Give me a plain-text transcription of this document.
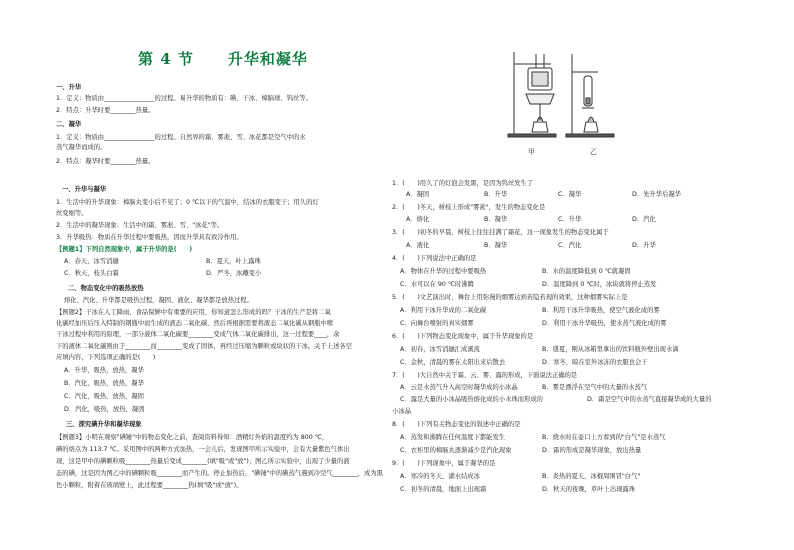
第 4 节 升华和凝华
一、升华
1．定义：物质由________________的过程。易升华的物质有：碘、干冰、樟脑球、钨丝等。
2．特点：升华时要________热量。
二、凝华
1．定义：物质由________________的过程。自然界的霜、雾凇、雪、冰花都是空气中的水
蒸气凝华而成的。
2．特点：凝华时要________热量。
一、升华与凝华
1．生活中的升华现象：樟脑丸变小后不见了；0 ℃以下的气温中，结冰的衣服变干；用久的灯
丝变细等。
2．生活中的凝华现象：生活中的霜、雾凇、雪、"冰花"等。
3．升华吸热：物质在升华过程中要吸热，因而升华具有致冷作用。
【例题1】下列自然现象中，属于升华的是(　　)
A．春天，冰雪消融	B．夏天，叶上露珠
C．秋天，枝头白霜	D．严冬，冰雕变小
二、物态变化中的吸热放热
熔化、汽化、升华都是吸热过程，凝固、液化、凝华都是放热过程。
【例题2】干冰在人工降雨、食品保鲜中有重要的应用，你知道怎么形成的吗？干冰的生产是将二氧
化碳经加压后压入特制的钢瓶中而生成的液态二氧化碳，然后再根据需要将液态二氧化碳从钢瓶中喷
干冰过程中利用的原理，一部分液体二氧化碳要________变成气体二氧化碳排出，这一过程要____，余
下的液体二氧化碳则由于________而________变成了固体，再经过压缩为颗粒或块状的干冰。关于上述各空
应填内容，下列选项正确的是(　　)
A．升华，吸热，放热，凝华
B．汽化，吸热，放热，凝华
C．汽化，吸热，放热，凝固
D．汽化，吸热，放热，凝固
三、探究碘升华和凝华现象
【例题3】小明在观察"碘锤"中的物态变化之前，查阅资料得知：酒精灯外焰的温度约为 800 ℃，
碘的熔点为 113.7 ℃。采用图中的两种方式加热，一会儿后，发现图甲所示实验中，会有大量紫色气体出
现，这是甲中的碘颗粒吸________热量后变成________(填"吸"或"放")；图乙所示实验中，出现了少量的液
态的碘，这是因为图乙中的碘颗粒吸________而产生的。停止加热后，"碘锤"中的碘蒸气遇到冷空气________，成为黑
色小颗粒，附着在玻璃壁上，此过程要________热(填"吸"或"放")。
甲	乙
1．(　　)用久了的灯泡会发黑，是因为钨丝发生了
A．凝固	B．升华	C．凝华	D．先升华后凝华
2．(　　)冬天，树枝上形成"雾凇"，发生的物态变化是
A．熔化	B．凝华	C．升华	D．汽化
3．(　　)初冬的早晨，树枝上往往挂满了霜花，这一现象发生的物态变化属于
A．液化	B．凝华	C．汽化	D．升华
4．(　　)下列说法中正确的是
A．物体在升华的过程中要吸热	B．水的温度降低到 0 ℃就凝固
C．水可以在 90 ℃时沸腾	D．温度降到 0 ℃时，冰块就将停止蒸发
5．(　　)文艺演出时，舞台上用弥漫的烟雾达到若隐若现的效果，这种烟雾实际上是
A．利用干冰升华成的二氧化碳	B．利用干冰升华吸热，使空气液化成的雾
C．向舞台喷射的真实烟雾	D．利用干冰升华吸热，使水蒸气液化成的雾
6．(　　)下列物态变化现象中，属于升华现象的是
A．初春，冰雪消融汇成溪流	B．盛夏，刚从冰箱里拿出的饮料瓶外壁出现水滴
C．金秋，清晨的雾在太阳出来后散去	D．寒冬，晾在室外冰冻的衣服也会干
7．(　　)大自然中关于霜、云、雾、露的形成，下面说法正确的是
A．云是水蒸气升入高空时凝华成的小冰晶	B．雾是漂浮在空气中的大量的水蒸气
C．露是大量的小冰晶吸热熔化成的小水珠而形成的	D．霜是空气中的水蒸气直接凝华成的大量的
小冰晶
8．(　　)下列有关物态变化的叙述中正确的是
A．蒸发和沸腾在任何温度下都能发生	B．烧水时在壶口上方看到的"白气"是水蒸气
C．衣柜里的樟脑丸逐渐减少是汽化现象	D．霜的形成是凝华现象，放出热量
9．(　　)下列现象中，属于凝华的是
A．寒冷的冬天，湖水结成冰	B．炎热的夏天，冰棍周围冒"白气"
C．初冬的清晨，地面上出现霜	D．秋天的夜晚，草叶上出现露珠
